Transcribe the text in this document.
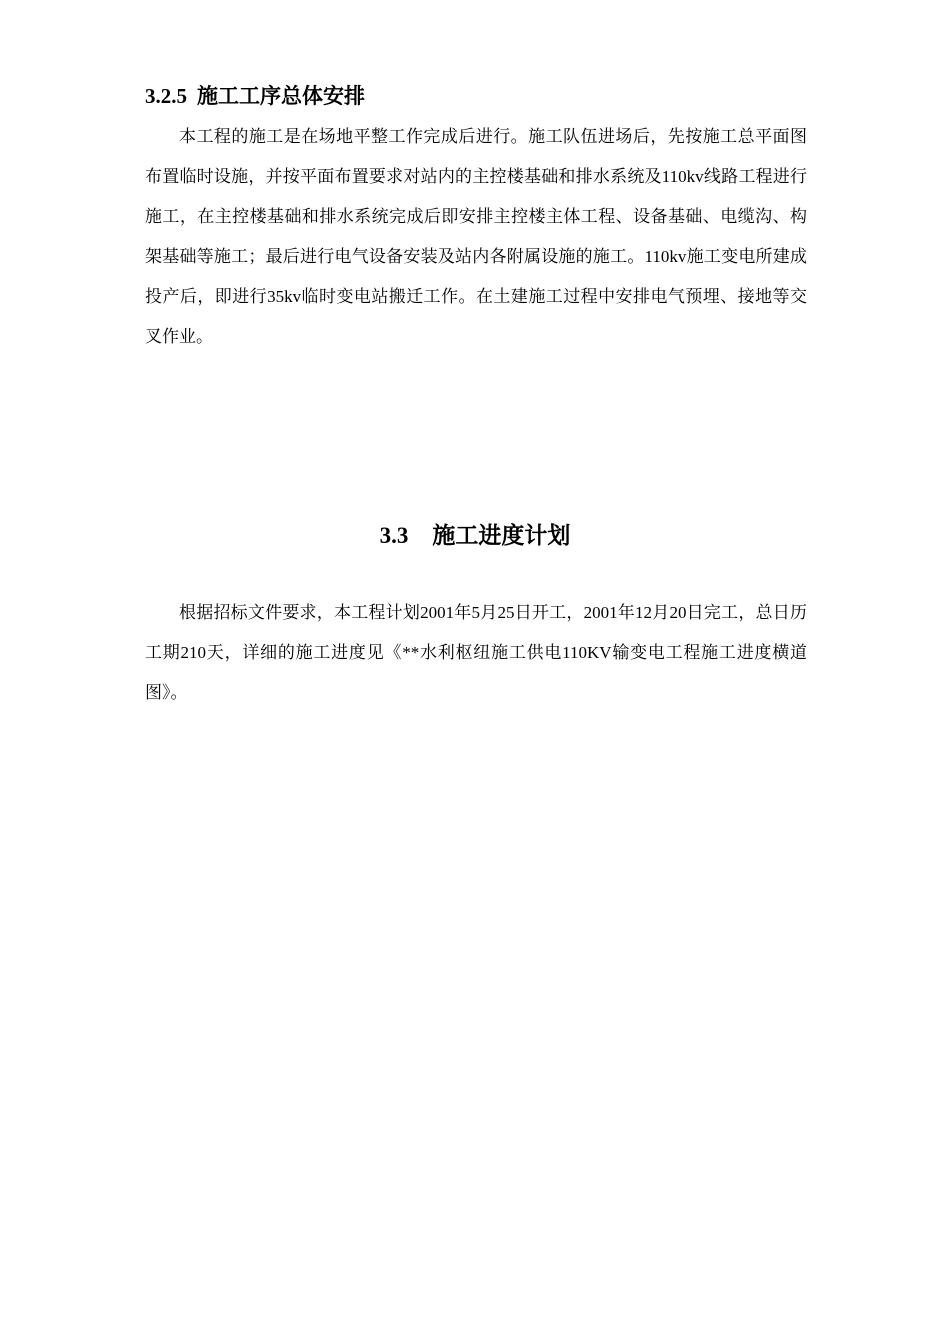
3.2.5 施工工序总体安排

本工程的施工是在场地平整工作完成后进行。施工队伍进场后，先按施工总平面图布置临时设施，并按平面布置要求对站内的主控楼基础和排水系统及110kv线路工程进行施工，在主控楼基础和排水系统完成后即安排主控楼主体工程、设备基础、电缆沟、构架基础等施工；最后进行电气设备安装及站内各附属设施的施工。110kv施工变电所建成投产后，即进行35kv临时变电站搬迁工作。在土建施工过程中安排电气预埋、接地等交叉作业。

3.3 施工进度计划

根据招标文件要求，本工程计划2001年5月25日开工，2001年12月20日完工，总日历工期210天，详细的施工进度见《**水利枢纽施工供电110KV输变电工程施工进度横道图》。
